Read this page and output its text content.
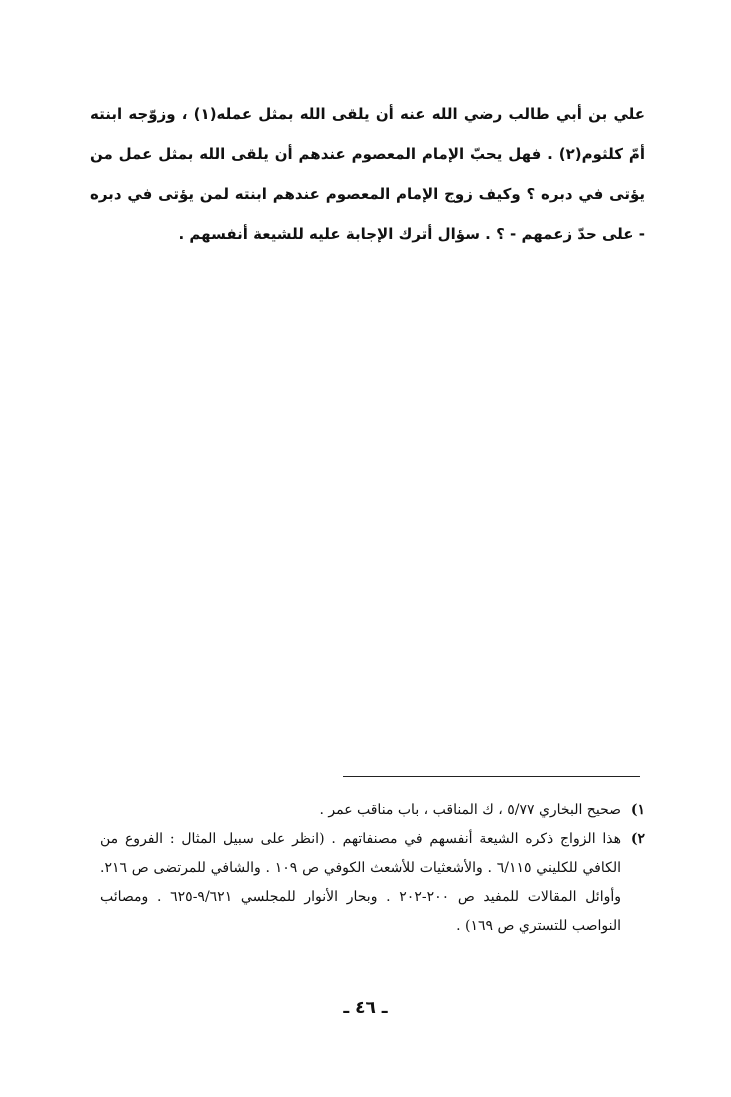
علي بن أبي طالب رضي الله عنه أن يلقى الله بمثل عمله(١) ، وزوّجه ابنته أمّ كلثوم(٢) . فهل يحبّ الإمام المعصوم عندهم أن يلقى الله بمثل عمل من يؤتى في دبره ؟ وكيف زوج الإمام المعصوم عندهم ابنته لمن يؤتى في دبره - على حدّ زعمهم - ؟ . سؤال أترك الإجابة عليه للشيعة أنفسهم .

١)
صحيح البخاري ٥/٧٧ ، ك المناقب ، باب مناقب عمر .
٢)
هذا الزواج ذكره الشيعة أنفسهم في مصنفاتهم . (انظر على سبيل المثال : الفروع من الكافي للكليني ٦/١١٥ . والأشعثيات للأشعث الكوفي ص ١٠٩ . والشافي للمرتضى ص ٢١٦. وأوائل المقالات للمفيد ص ٢٠٠-٢٠٢ . وبحار الأنوار للمجلسي ٩/٦٢١-٦٢٥ . ومصائب النواصب للتستري ص ١٦٩) .
ـ ٤٦ ـ
